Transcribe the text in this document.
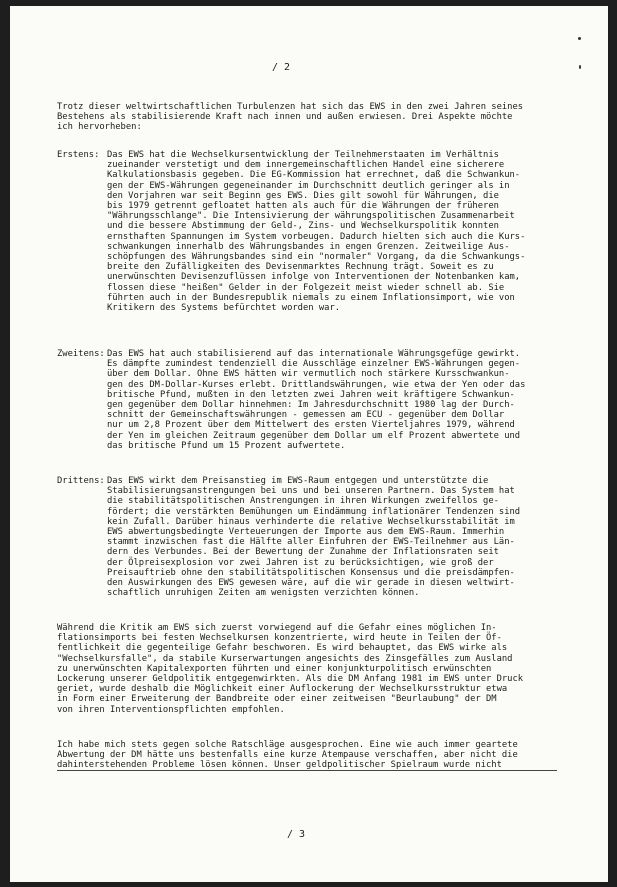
/ 2

Trotz dieser weltwirtschaftlichen Turbulenzen hat sich das EWS in den zwei Jahren seines
Bestehens als stabilisierende Kraft nach innen und außen erwiesen. Drei Aspekte möchte
ich hervorheben:

Erstens: Das EWS hat die Wechselkursentwicklung der Teilnehmerstaaten im Verhältnis
zueinander verstetigt und dem innergemeinschaftlichen Handel eine sicherere
Kalkulationsbasis gegeben. Die EG-Kommission hat errechnet, daß die Schwankun-
gen der EWS-Währungen gegeneinander im Durchschnitt deutlich geringer als in
den Vorjahren war seit Beginn ges EWS. Dies gilt sowohl für Währungen, die
bis 1979 getrennt gefloatet hatten als auch für die Währungen der früheren
"Währungsschlange". Die Intensivierung der währungspolitischen Zusammenarbeit
und die bessere Abstimmung der Geld-, Zins- und Wechselkurspolitik konnten
ernsthaften Spannungen im System vorbeugen. Dadurch hielten sich auch die Kurs-
schwankungen innerhalb des Währungsbandes in engen Grenzen. Zeitweilige Aus-
schöpfungen des Währungsbandes sind ein "normaler" Vorgang, da die Schwankungs-
breite den Zufälligkeiten des Devisenmarktes Rechnung trägt. Soweit es zu
unerwünschten Devisenzuflüssen infolge von Interventionen der Notenbanken kam,
flossen diese "heißen" Gelder in der Folgezeit meist wieder schnell ab. Sie
führten auch in der Bundesrepublik niemals zu einem Inflationsimport, wie von
Kritikern des Systems befürchtet worden war.

Zweitens: Das EWS hat auch stabilisierend auf das internationale Währungsgefüge gewirkt.
Es dämpfte zumindest tendenziell die Ausschläge einzelner EWS-Währungen gegen-
über dem Dollar. Ohne EWS hätten wir vermutlich noch stärkere Kursschwankun-
gen des DM-Dollar-Kurses erlebt. Drittlandswährungen, wie etwa der Yen oder das
britische Pfund, mußten in den letzten zwei Jahren weit kräftigere Schwankun-
gen gegenüber dem Dollar hinnehmen: Im Jahresdurchschnitt 1980 lag der Durch-
schnitt der Gemeinschaftswährungen - gemessen am ECU - gegenüber dem Dollar
nur um 2,8 Prozent über dem Mittelwert des ersten Vierteljahres 1979, während
der Yen im gleichen Zeitraum gegenüber dem Dollar um elf Prozent abwertete und
das britische Pfund um 15 Prozent aufwertete.

Drittens: Das EWS wirkt dem Preisanstieg im EWS-Raum entgegen und unterstützte die
Stabilisierungsanstrengungen bei uns und bei unseren Partnern. Das System hat
die stabilitätspolitischen Anstrengungen in ihren Wirkungen zweifellos ge-
fördert; die verstärkten Bemühungen um Eindämmung inflationärer Tendenzen sind
kein Zufall. Darüber hinaus verhinderte die relative Wechselkursstabilität im
EWS abwertungsbedingte Verteuerungen der Importe aus dem EWS-Raum. Immerhin
stammt inzwischen fast die Hälfte aller Einfuhren der EWS-Teilnehmer aus Län-
dern des Verbundes. Bei der Bewertung der Zunahme der Inflationsraten seit
der Ölpreisexplosion vor zwei Jahren ist zu berücksichtigen, wie groß der
Preisauftrieb ohne den stabilitätspolitischen Konsensus und die preisdämpfen-
den Auswirkungen des EWS gewesen wäre, auf die wir gerade in diesen weltwirt-
schaftlich unruhigen Zeiten am wenigsten verzichten können.

Während die Kritik am EWS sich zuerst vorwiegend auf die Gefahr eines möglichen In-
flationsimports bei festen Wechselkursen konzentrierte, wird heute in Teilen der Öf-
fentlichkeit die gegenteilige Gefahr beschworen. Es wird behauptet, das EWS wirke als
"Wechselkursfalle", da stabile Kurserwartungen angesichts des Zinsgefälles zum Ausland
zu unerwünschten Kapitalexporten führten und einer konjunkturpolitisch erwünschten
Lockerung unserer Geldpolitik entgegenwirkten. Als die DM Anfang 1981 im EWS unter Druck
geriet, wurde deshalb die Möglichkeit einer Auflockerung der Wechselkursstruktur etwa
in Form einer Erweiterung der Bandbreite oder einer zeitweisen "Beurlaubung" der DM
von ihren Interventionspflichten empfohlen.

Ich habe mich stets gegen solche Ratschläge ausgesprochen. Eine wie auch immer geartete
Abwertung der DM hätte uns bestenfalls eine kurze Atempause verschaffen, aber nicht die
dahinterstehenden Probleme lösen können. Unser geldpolitischer Spielraum wurde nicht

/ 3
